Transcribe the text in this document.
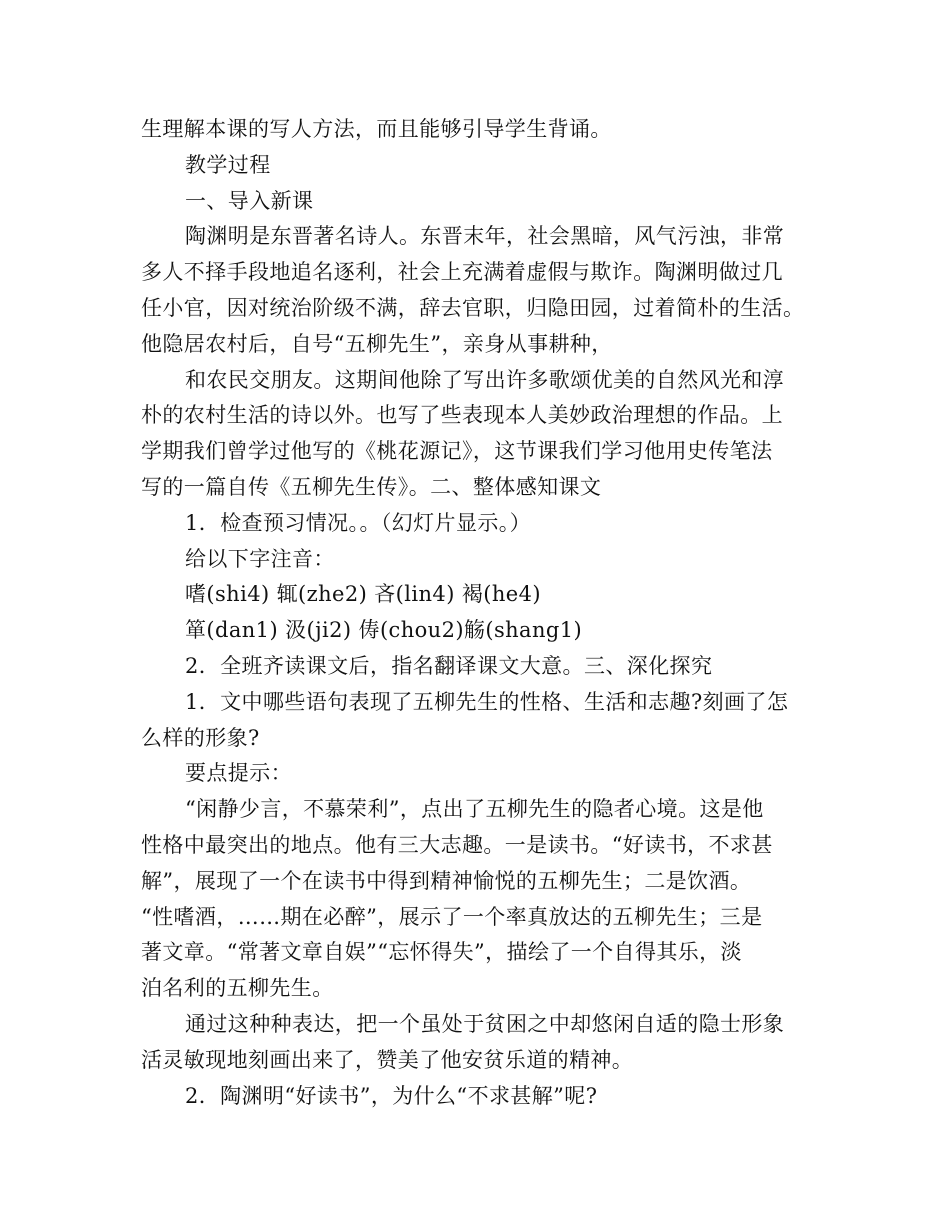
生理解本课的写人方法，而且能够引导学生背诵。
教学过程
一、导入新课
陶渊明是东晋著名诗人。东晋末年，社会黑暗，风气污浊，非常
多人不择手段地追名逐利，社会上充满着虚假与欺诈。陶渊明做过几
任小官，因对统治阶级不满，辞去官职，归隐田园，过着简朴的生活。
他隐居农村后，自号“五柳先生”，亲身从事耕种，
和农民交朋友。这期间他除了写出许多歌颂优美的自然风光和淳
朴的农村生活的诗以外。也写了些表现本人美妙政治理想的作品。上
学期我们曾学过他写的《桃花源记》，这节课我们学习他用史传笔法
写的一篇自传《五柳先生传》。二、整体感知课文
1．检查预习情况。。（幻灯片显示。）
给以下字注音：
嗜(shi4) 辄(zhe2) 吝(lin4) 褐(he4)
箪(dan1) 汲(ji2) 俦(chou2)觞(shang1)
2．全班齐读课文后，指名翻译课文大意。三、深化探究
1．文中哪些语句表现了五柳先生的性格、生活和志趣?刻画了怎
么样的形象?
要点提示：
“闲静少言，不慕荣利”，点出了五柳先生的隐者心境。这是他
性格中最突出的地点。他有三大志趣。一是读书。“好读书，不求甚
解”，展现了一个在读书中得到精神愉悦的五柳先生；二是饮酒。
“性嗜酒，……期在必醉”，展示了一个率真放达的五柳先生；三是
著文章。“常著文章自娱”“忘怀得失”，描绘了一个自得其乐，淡
泊名利的五柳先生。
通过这种种表达，把一个虽处于贫困之中却悠闲自适的隐士形象
活灵敏现地刻画出来了，赞美了他安贫乐道的精神。
2．陶渊明“好读书”，为什么“不求甚解”呢?
